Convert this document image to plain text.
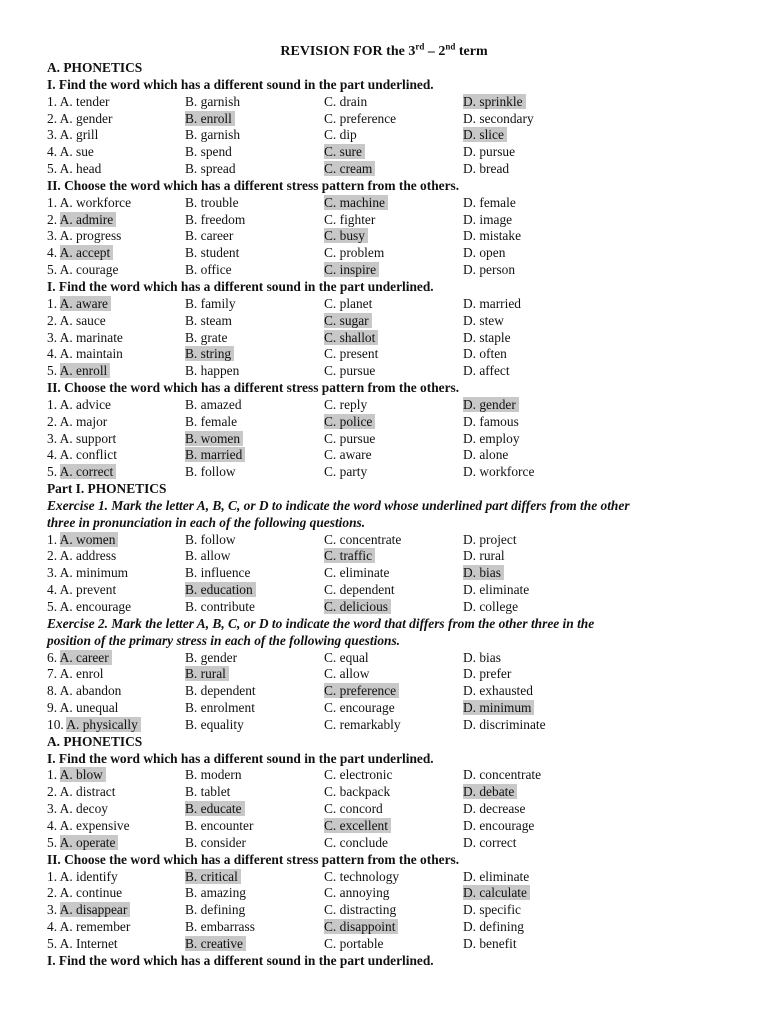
REVISION FOR the 3rd – 2nd term
A. PHONETICS
I. Find the word which has a different sound in the part underlined.
1. A. tender	B. garnish	C. drain	D. sprinkle
2. A. gender	B. enroll	C. preference	D. secondary
3. A. grill	B. garnish	C. dip	D. slice
4. A. sue	B. spend	C. sure	D. pursue
5. A. head	B. spread	C. cream	D. bread
II. Choose the word which has a different stress pattern from the others.
1. A. workforce	B. trouble	C. machine	D. female
2. A. admire	B. freedom	C. fighter	D. image
3. A. progress	B. career	C. busy	D. mistake
4. A. accept	B. student	C. problem	D. open
5. A. courage	B. office	C. inspire	D. person
I. Find the word which has a different sound in the part underlined.
1. A. aware	B. family	C. planet	D. married
2. A. sauce	B. steam	C. sugar	D. stew
3. A. marinate	B. grate	C. shallot	D. staple
4. A. maintain	B. string	C. present	D. often
5. A. enroll	B. happen	C. pursue	D. affect
II. Choose the word which has a different stress pattern from the others.
1. A. advice	B. amazed	C. reply	D. gender
2. A. major	B. female	C. police	D. famous
3. A. support	B. women	C. pursue	D. employ
4. A. conflict	B. married	C. aware	D. alone
5. A. correct	B. follow	C. party	D. workforce
Part I. PHONETICS
Exercise 1. Mark the letter A, B, C, or D to indicate the word whose underlined part differs from the other
three in pronunciation in each of the following questions.
1. A. women	B. follow	C. concentrate	D. project
2. A. address	B. allow	C. traffic	D. rural
3. A. minimum	B. influence	C. eliminate	D. bias
4. A. prevent	B. education	C. dependent	D. eliminate
5. A. encourage	B. contribute	C. delicious	D. college
Exercise 2. Mark the letter A, B, C, or D to indicate the word that differs from the other three in the
position of the primary stress in each of the following questions.
6. A. career	B. gender	C. equal	D. bias
7. A. enrol	B. rural	C. allow	D. prefer
8. A. abandon	B. dependent	C. preference	D. exhausted
9. A. unequal	B. enrolment	C. encourage	D. minimum
10. A. physically	B. equality	C. remarkably	D. discriminate
A. PHONETICS
I. Find the word which has a different sound in the part underlined.
1. A. blow	B. modern	C. electronic	D. concentrate
2. A. distract	B. tablet	C. backpack	D. debate
3. A. decoy	B. educate	C. concord	D. decrease
4. A. expensive	B. encounter	C. excellent	D. encourage
5. A. operate	B. consider	C. conclude	D. correct
II. Choose the word which has a different stress pattern from the others.
1. A. identify	B. critical	C. technology	D. eliminate
2. A. continue	B. amazing	C. annoying	D. calculate
3. A. disappear	B. defining	C. distracting	D. specific
4. A. remember	B. embarrass	C. disappoint	D. defining
5. A. Internet	B. creative	C. portable	D. benefit
I. Find the word which has a different sound in the part underlined.
